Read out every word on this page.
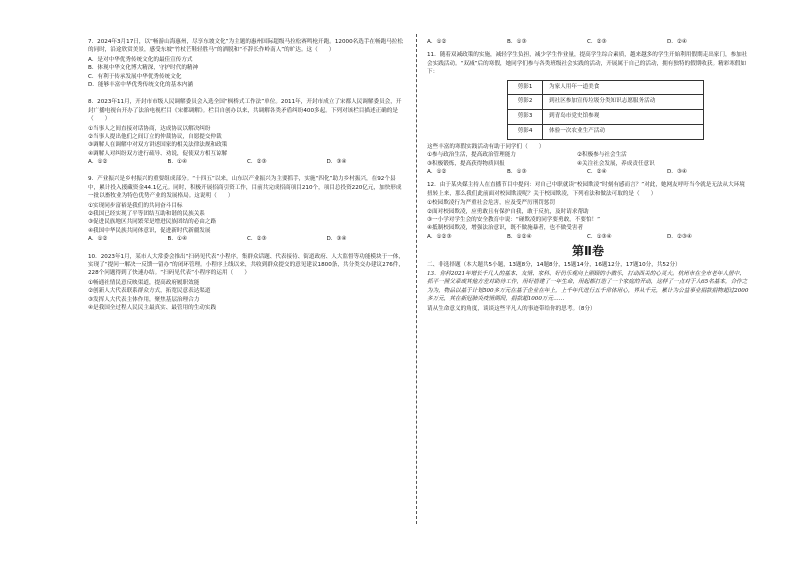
7．2024年3月17日，以“畅游山海惠州，尽享东坡文化”为主题的惠州国际超级马拉松赛鸣枪开跑。12000名选手在畅跑马拉松的同时，沿途欣赏美景，感受东坡“竹杖芒鞋轻胜马”的洒脱和“不辞长作岭南人”的旷达。这（　　）

A．是对中华优秀传统文化的最佳宣传方式

B．体现中华文化博大精深，守护时代的精神

C．有利于传承发展中华优秀传统文化

D．能够丰富中华优秀传统文化的基本内涵

8．2023年11月，开封市市级人民调解委员会入选全国“枫桥式工作法”单位。2011年，开封市成立了宋都人民调解委员会，开封广播电视台开办了法治电视栏目《宋都调解》。栏目自创办以来，共调解各类矛盾纠纷400多起。下列对该栏目描述正确的是（　　）

①当事人之间直接对话协商，达成协议以解决纠纷

②当事人提出他们之间订立的仲裁协议，自愿提交仲裁

③调解人在调解中对双方讲述国家的相关法律法规和政策

④调解人对纠纷双方进行疏导、劝说，促使双方相互谅解

A．①②	B．①④	C．②③	D．③④

9．产业振兴是乡村振兴的重要组成部分。“十四五”以来，山东以产业振兴为主要抓手，实施“四化”助力乡村振兴，在92个县中，累计投入援藏资金44.1亿元。同时，积极开展招商引资工作，目前共完成招商项目210个，项目总投资220亿元，加快形成一批以畜牧业为特色优势产业的发展格局。这说明（　　）

①实现同步富裕是我们的共同奋斗目标

②我国已经实现了平等团结互助和谐的民族关系

③促进民族地区共同繁荣是增进民族团结的必由之路

④我国中华民族共同体意识，促进新时代新疆发展

A．①②	B．①④	C．②③	D．③④

10．2023年1月，某市人大常委会推出“扫码见代表”小程序，集群众话题、代表接待、街道政府、人大监督等功能模块于一体，实现了“提问一解决一反馈一留办”的闭环管理。小程序上线以来，共收到群众提交的意见建议1800条，共分类交办建议276件，228个问题得到了快速办结。“扫码见代表”小程序的运用（　　）

①畅通社情民意反映渠道，提高政府履职效能

②创新人大代表联系群众方式，拓宽民意表达渠道

③发挥人大代表主体作用，聚焦基层治理合力

④是我国全过程人民民主最真实、最管用的生动实践

A．①②	B．①③	C．②③	D．②④

11．随着双减政策的实施，减轻学生负担，减少学生作业量，提高学生综合素质，越来越多的学生开始利用假期走出家门，参加社会实践活动。“双减”后的寒假，她同学们参与各类班级社会实践的活动，开展属于自己的活动，拥有独特的假期收获。精彩寒假如下：

剪影1	为家人用年一道美食
剪影2	到社区参加宣传垃圾分类知识志愿服务活动
剪影3	到青岛市党史馆参观
剪影4	体验一次农业生产活动

这些丰富的寒假实践活动有助于同学们（　　）

①参与政治生活，提高政治管理能力	②积极参与社会生活
③积极锻炼，提高获得物质回报	④关注社会发展，养成责任意识
A．①②	B．①③	C．②④	D．③④

12．由于某央媒主持人在直播节目中提问：对自己中职就读“校园欺凌”时刻有感而言？”对此，她网友呼吁当今就是无法从大环境扭转上来，那么我们此前面对校园欺凌呢？关于校园欺凌，下列看法和做法可取的是（　　）

①校园欺凌行为严重社会危害，应及受严厉刑罚惩罚

②面对校园欺凌，应勇敢且有保护自我，敢于反抗，及时请求帮助

③一小学对学生会的安全教育中说：“碰欺凌的同学要勇敢，不要怕！”

④抵制校园欺凌，增强法治意识，既不做施暴者，也不做受害者

A．①②③	B．①②④	C．①③④	D．②③④
第Ⅱ卷

二、非选择题（本大题共5小题，13题8分，14题8分，15题14分，16题12分，17题10分，共52分）

13．你科2021年增长千几人的基本、友情、家科、好仍乐观向上照顾的小微乐，打动西关的心灵大。杭州市在全市老年人居中、抓平一照父辈或其他方差对助待工作，用好搭建了一年生命，用起都打造了一个家庭的开动，这样了一点对于人65名基本，合作之为为，物品以基于计划500多万元在基于企业在年上，上千年代进行五千常体用心，界从千元，累计为公益事业捐款捐物超过2000多万元，其在新冠肺炎疫情期间，捐款超1000万元……

请从生命意义的角度，谈谈这些平凡人的事迹带给你的思考。（8分）
